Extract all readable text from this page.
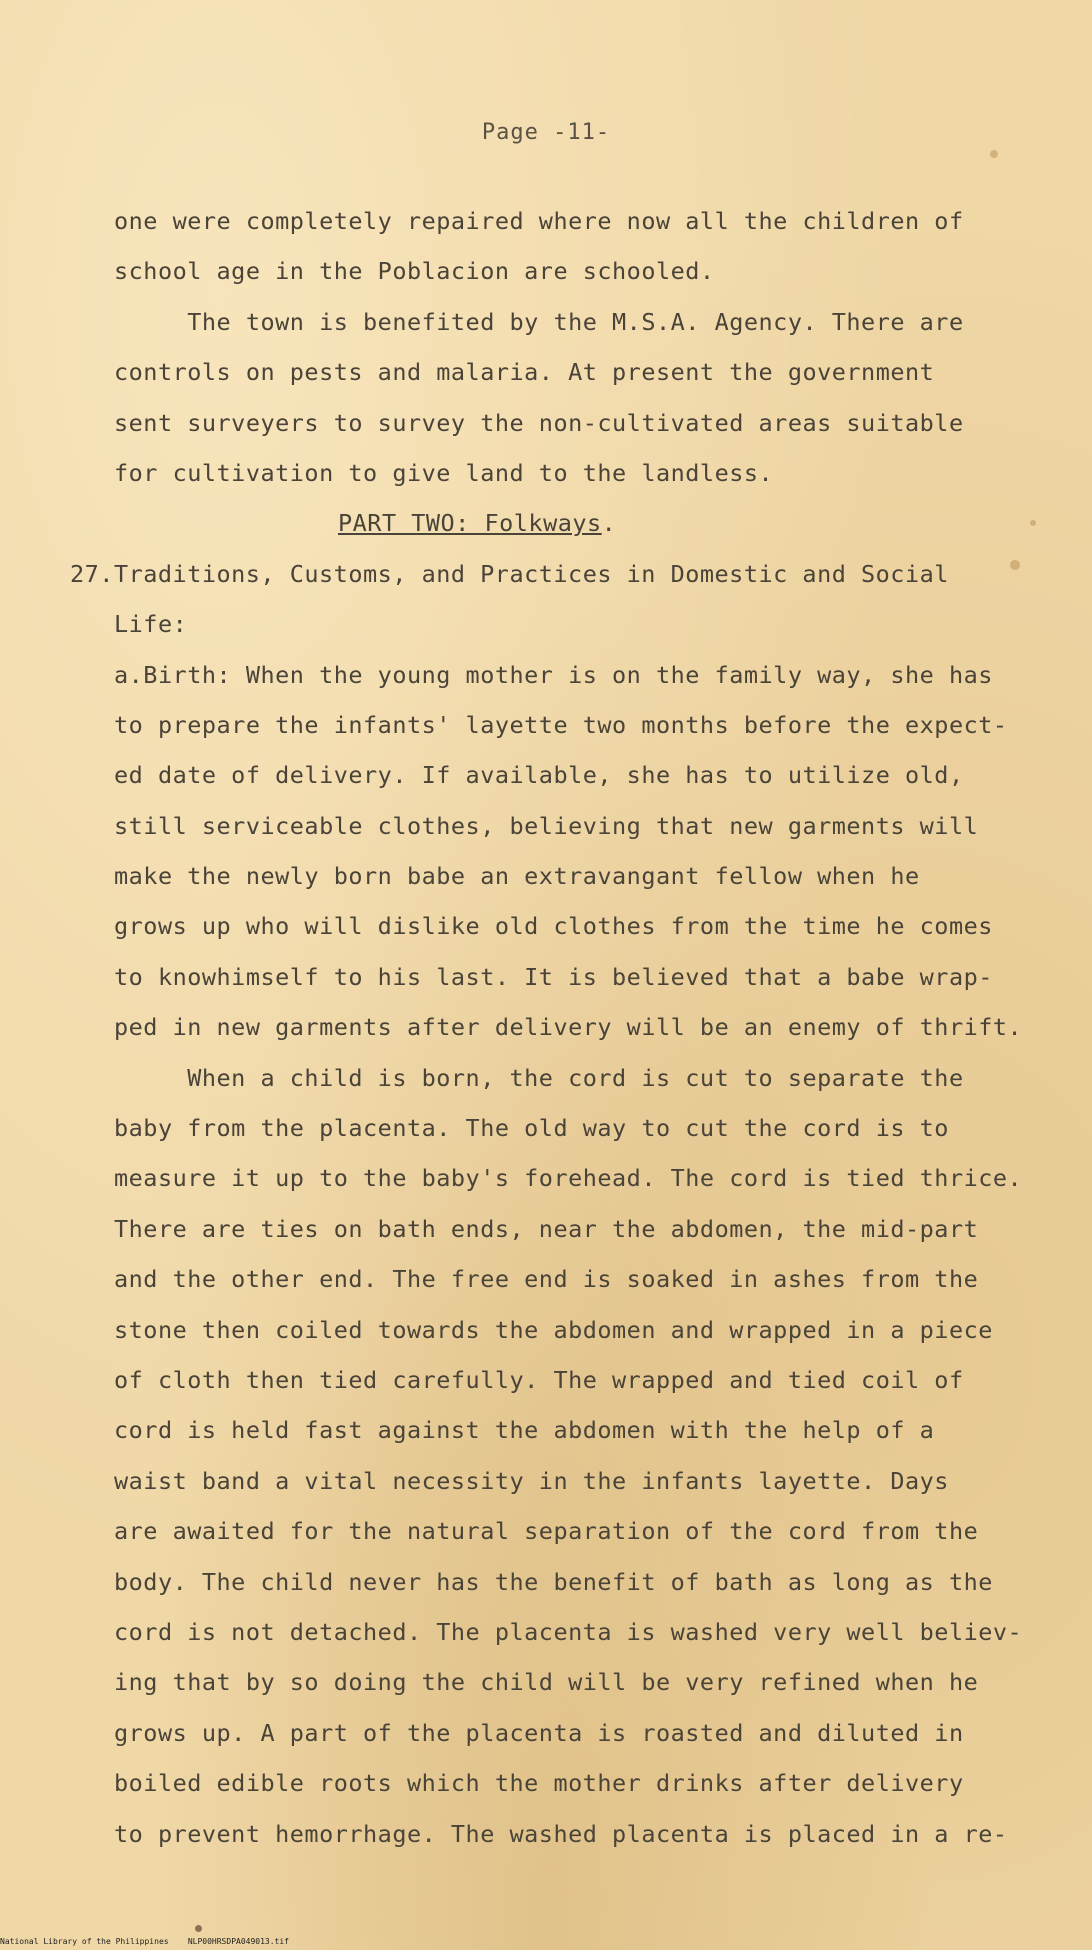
Page -11-
one were completely repaired where now all the children of
school age in the Poblacion are schooled.
The town is benefited by the M.S.A. Agency. There are
controls on pests and malaria. At present the government
sent surveyers to survey the non-cultivated areas suitable
for cultivation to give land to the landless.
PART TWO: Folkways.
27.Traditions, Customs, and Practices in Domestic and Social
Life:
a.Birth: When the young mother is on the family way, she has
to prepare the infants' layette two months before the expect-
ed date of delivery. If available, she has to utilize old,
still serviceable clothes, believing that new garments will
make the newly born babe an extravangant fellow when he
grows up who will dislike old clothes from the time he comes
to knowhimself to his last. It is believed that a babe wrap-
ped in new garments after delivery will be an enemy of thrift.
When a child is born, the cord is cut to separate the
baby from the placenta. The old way to cut the cord is to
measure it up to the baby's forehead. The cord is tied thrice.
There are ties on bath ends, near the abdomen, the mid-part
and the other end. The free end is soaked in ashes from the
stone then coiled towards the abdomen and wrapped in a piece
of cloth then tied carefully. The wrapped and tied coil of
cord is held fast against the abdomen with the help of a
waist band a vital necessity in the infants layette. Days
are awaited for the natural separation of the cord from the
body. The child never has the benefit of bath as long as the
cord is not detached. The placenta is washed very well believ-
ing that by so doing the child will be very refined when he
grows up. A part of the placenta is roasted and diluted in
boiled edible roots which the mother drinks after delivery
to prevent hemorrhage. The washed placenta is placed in a re-
National Library of the Philippines    NLP00HRSDPA049013.tif
